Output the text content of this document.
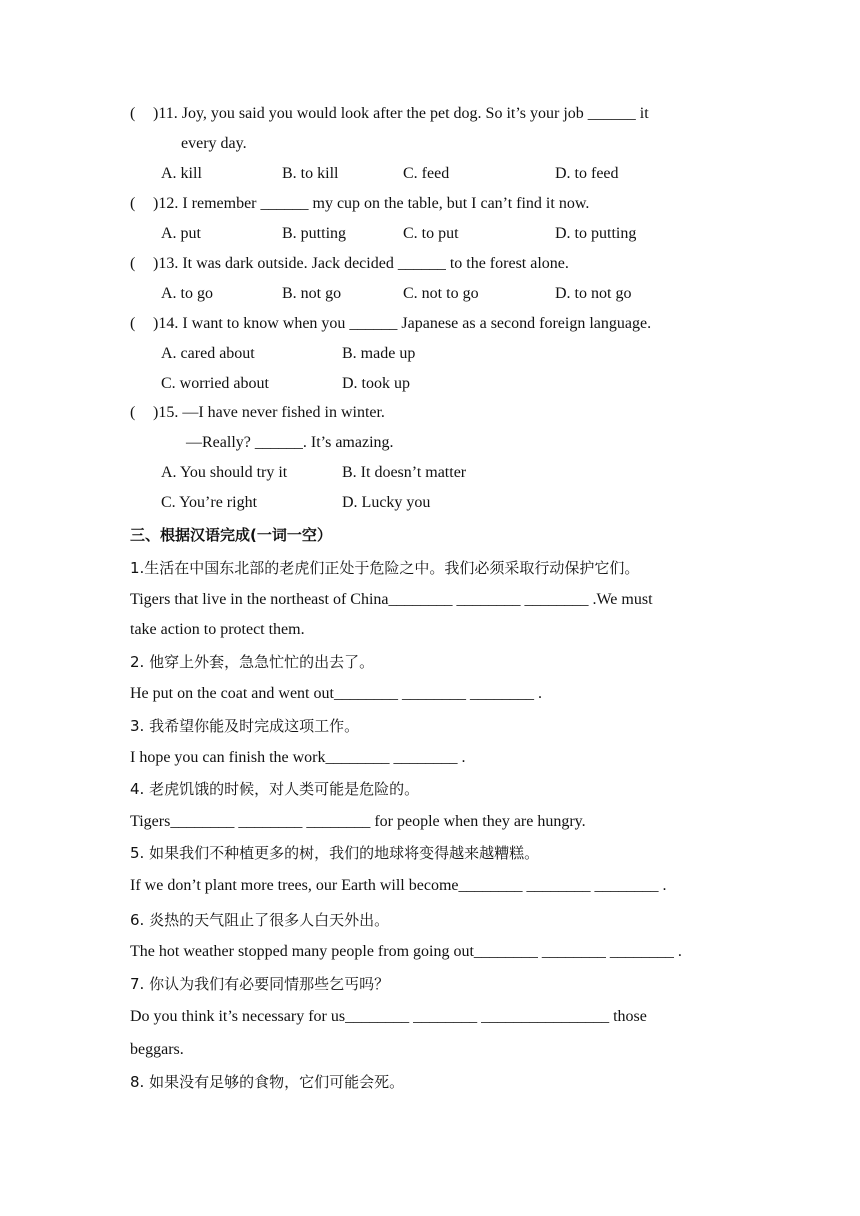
( )11. Joy, you said you would look after the pet dog. So it’s your job ______ it
every day.
A. kill	B. to kill	C. feed	D. to feed
( )12. I remember ______ my cup on the table, but I can’t find it now.
A. put	B. putting	C. to put	D. to putting
( )13. It was dark outside. Jack decided ______ to the forest alone.
A. to go	B. not go	C. not to go	D. to not go
( )14. I want to know when you ______ Japanese as a second foreign language.
A. cared about	B. made up
C. worried about	D. took up
( )15. —I have never fished in winter.
—Really? ______. It’s amazing.
A. You should try it	B. It doesn’t matter
C. You’re right	D. Lucky you
三、根据汉语完成(一词一空）
1.生活在中国东北部的老虎们正处于危险之中。我们必须采取行动保护它们。
Tigers that live in the northeast of China________ ________ ________ .We must
take action to protect them.
2. 他穿上外套，急急忙忙的出去了。
He put on the coat and went out________ ________ ________ .
3. 我希望你能及时完成这项工作。
I hope you can finish the work________ ________ .
4. 老虎饥饿的时候，对人类可能是危险的。
Tigers________ ________ ________ for people when they are hungry.
5. 如果我们不种植更多的树，我们的地球将变得越来越糟糕。
If we don’t plant more trees, our Earth will become________ ________ ________ .
6. 炎热的天气阻止了很多人白天外出。
The hot weather stopped many people from going out________ ________ ________ .
7. 你认为我们有必要同情那些乞丐吗？
Do you think it’s necessary for us________ ________ ________________ those
beggars.
8. 如果没有足够的食物，它们可能会死。
